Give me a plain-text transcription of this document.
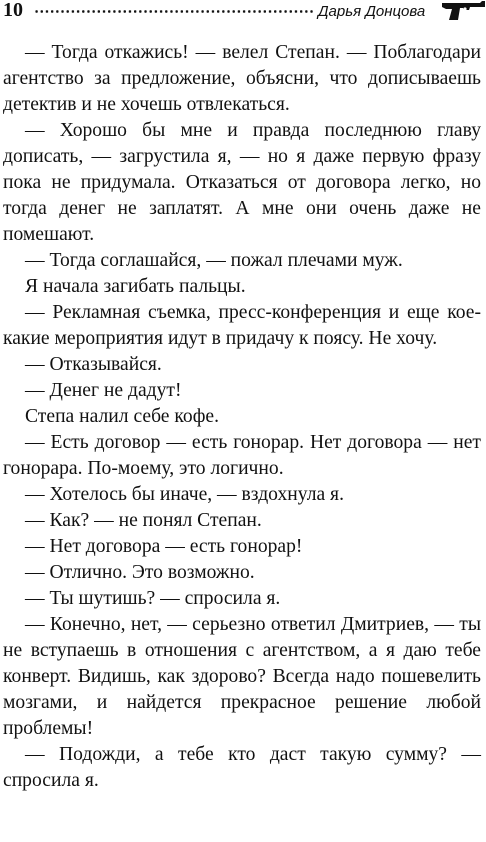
10	Дарья Донцова

— Тогда откажись! — велел Степан. — Поблагодари агентство за предложение, объясни, что дописываешь детектив и не хочешь отвлекаться.

— Хорошо бы мне и правда последнюю главу дописать, — загрустила я, — но я даже первую фразу пока не придумала. Отказаться от договора легко, но тогда денег не заплатят. А мне они очень даже не помешают.

— Тогда соглашайся, — пожал плечами муж.

Я начала загибать пальцы.

— Рекламная съемка, пресс-конференция и еще кое-какие мероприятия идут в придачу к поясу. Не хочу.

— Отказывайся.

— Денег не дадут!

Степа налил себе кофе.

— Есть договор — есть гонорар. Нет договора — нет гонорара. По-моему, это логично.

— Хотелось бы иначе, — вздохнула я.

— Как? — не понял Степан.

— Нет договора — есть гонорар!

— Отлично. Это возможно.

— Ты шутишь? — спросила я.

— Конечно, нет, — серьезно ответил Дмитриев, — ты не вступаешь в отношения с агентством, а я даю тебе конверт. Видишь, как здорово? Всегда надо пошевелить мозгами, и найдется прекрасное решение любой проблемы!

— Подожди, а тебе кто даст такую сумму? — спросила я.
